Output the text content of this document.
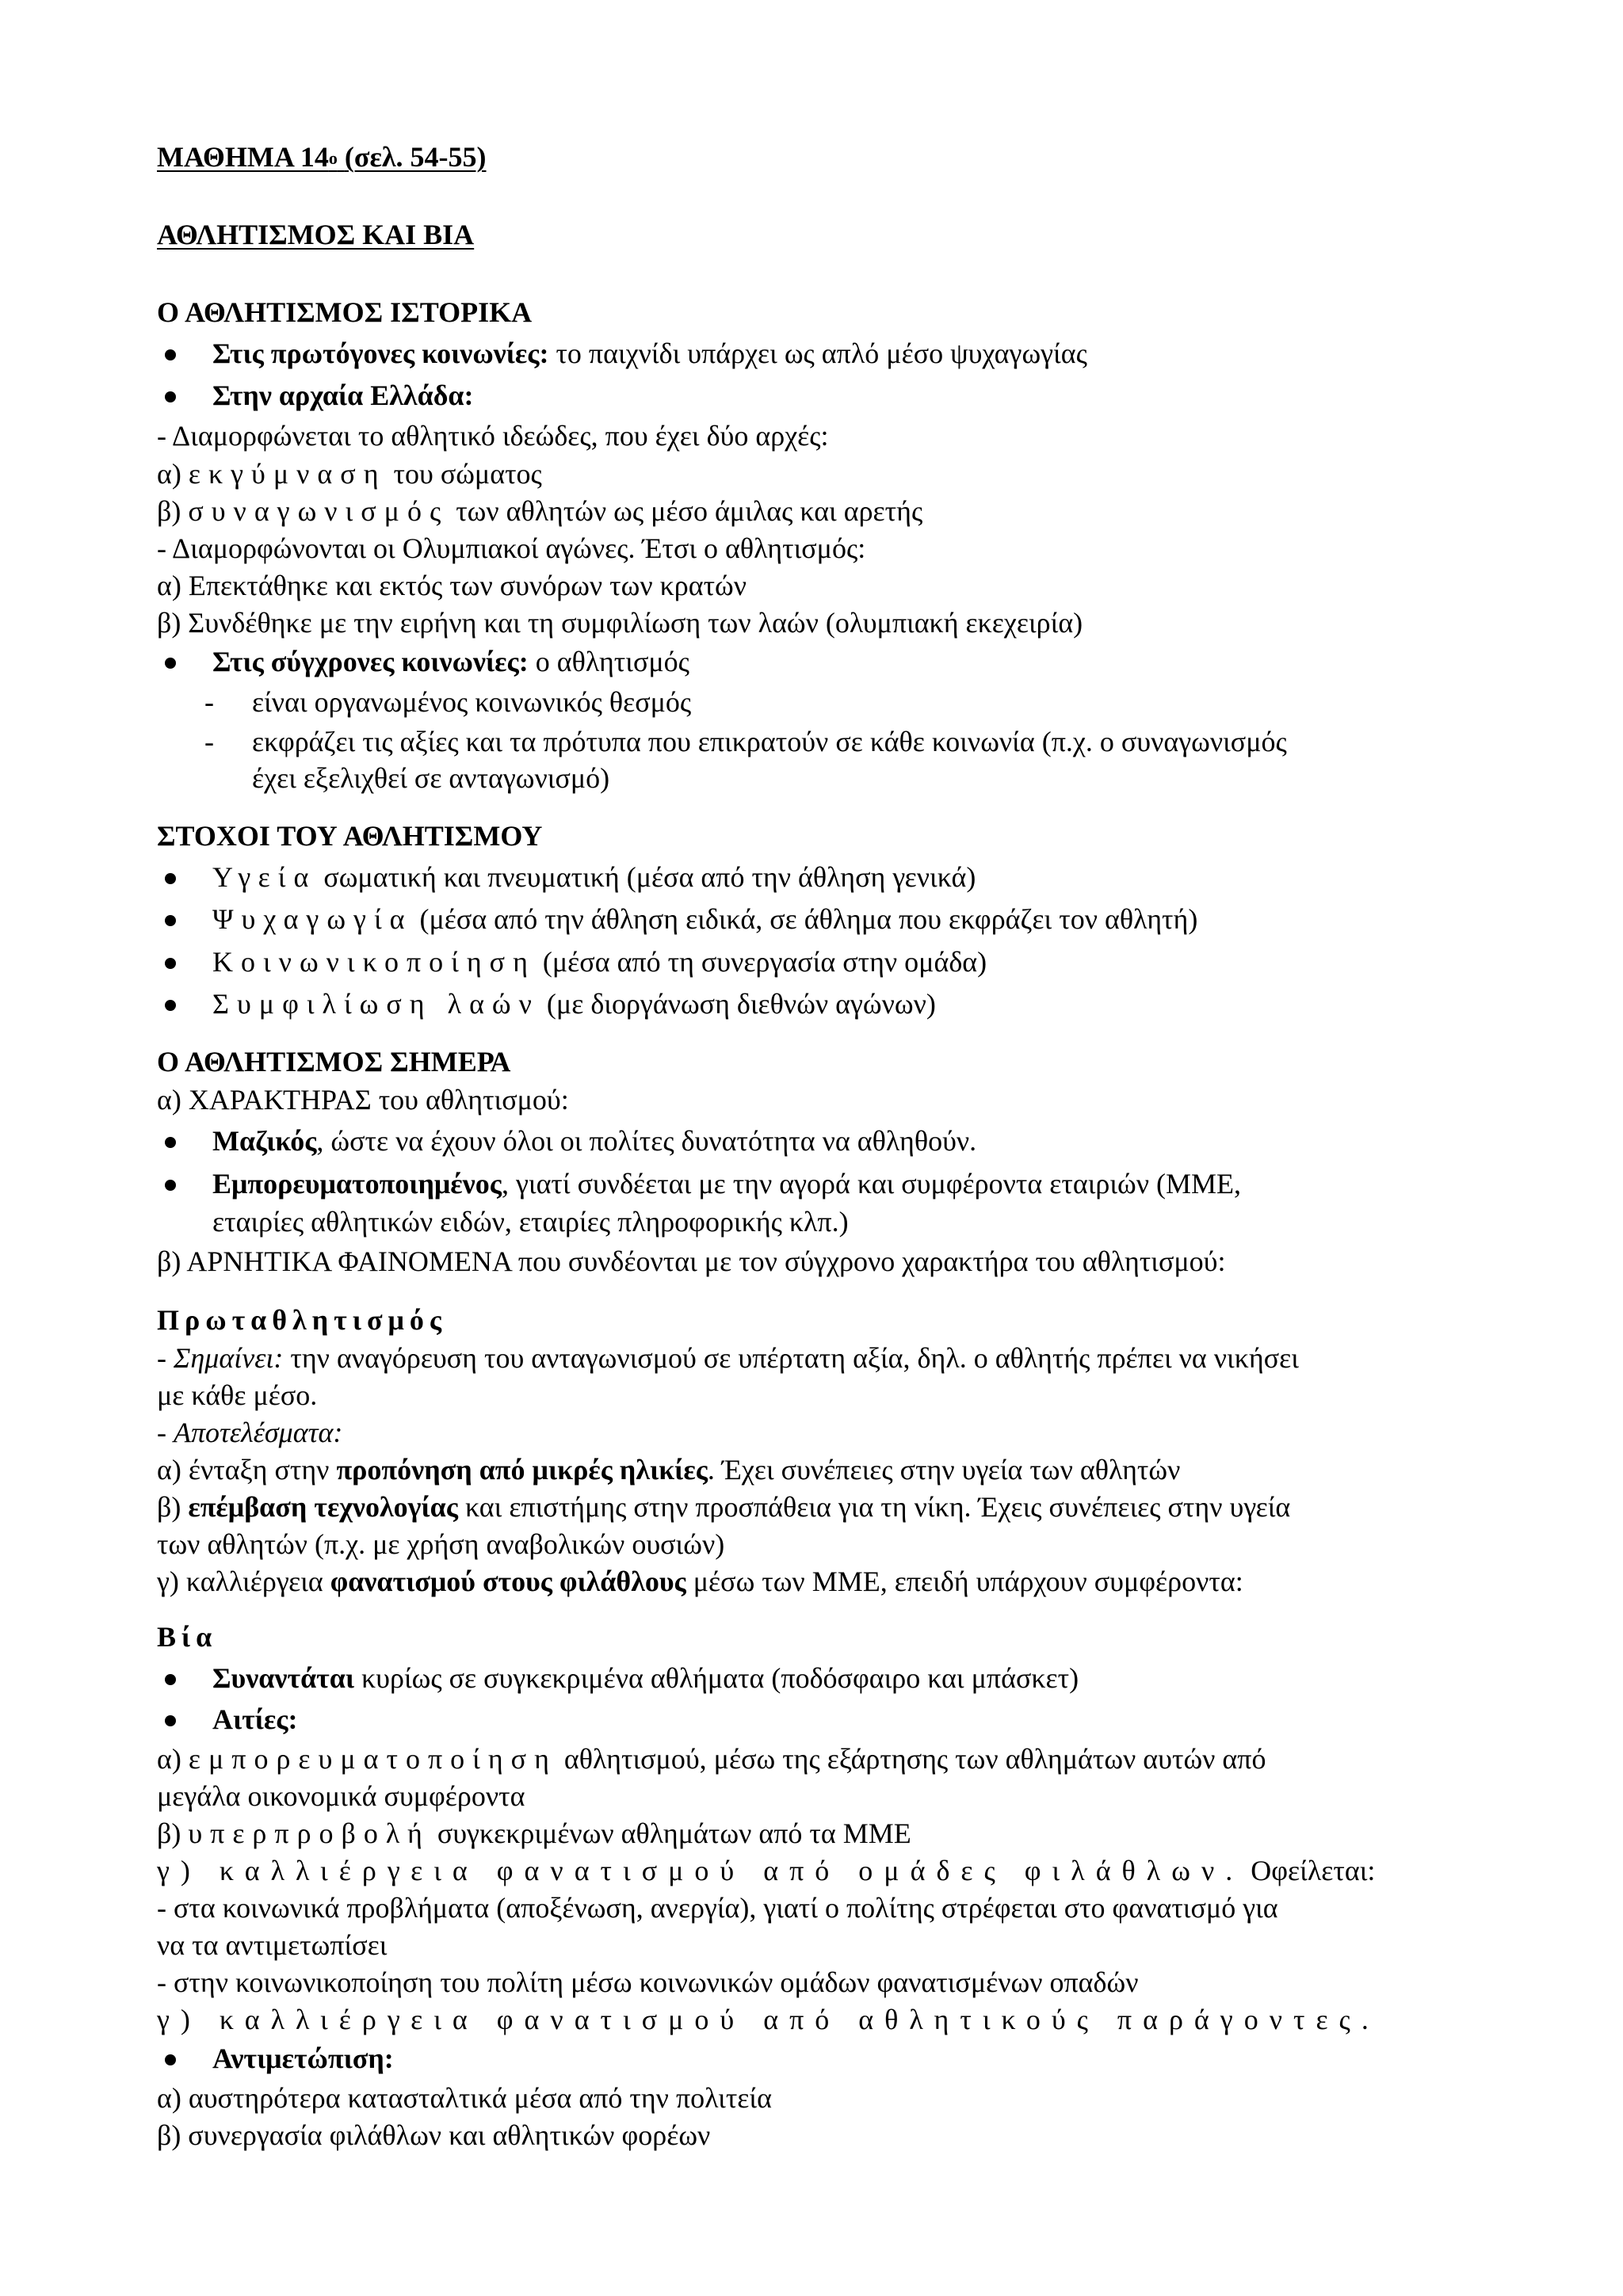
ΜΑΘΗΜΑ $14^o$ (σελ. 54-55)
ΑΘΛΗΤΙΣΜΟΣ ΚΑΙ ΒΙΑ
Ο ΑΘΛΗΤΙΣΜΟΣ ΙΣΤΟΡΙΚΑ
Στις πρωτόγονες κοινωνίες: το παιχνίδι υπάρχει ως απλό μέσο ψυχαγωγίας
Στην αρχαία Ελλάδα:
- Διαμορφώνεται το αθλητικό ιδεώδες, που έχει δύο αρχές:
α) εκγύμναση του σώματος
β) συναγωνισμός των αθλητών ως μέσο άμιλας και αρετής
- Διαμορφώνονται οι Ολυμπιακοί αγώνες. Έτσι ο αθλητισμός:
α) Επεκτάθηκε και εκτός των συνόρων των κρατών
β) Συνδέθηκε με την ειρήνη και τη συμφιλίωση των λαών (ολυμπιακή εκεχειρία)
Στις σύγχρονες κοινωνίες: ο αθλητισμός
- είναι οργανωμένος κοινωνικός θεσμός
- εκφράζει τις αξίες και τα πρότυπα που επικρατούν σε κάθε κοινωνία (π.χ. ο συναγωνισμός
έχει εξελιχθεί σε ανταγωνισμό)
ΣΤΟΧΟΙ ΤΟΥ ΑΘΛΗΤΙΣΜΟΥ
Υγεία σωματική και πνευματική (μέσα από την άθληση γενικά)
Ψυχαγωγία (μέσα από την άθληση ειδικά, σε άθλημα που εκφράζει τον αθλητή)
Κοινωνικοποίηση (μέσα από τη συνεργασία στην ομάδα)
Συμφιλίωση λαών (με διοργάνωση διεθνών αγώνων)
Ο ΑΘΛΗΤΙΣΜΟΣ ΣΗΜΕΡΑ
α) ΧΑΡΑΚΤΗΡΑΣ του αθλητισμού:
Μαζικός, ώστε να έχουν όλοι οι πολίτες δυνατότητα να αθληθούν.
Εμπορευματοποιημένος, γιατί συνδέεται με την αγορά και συμφέροντα εταιριών (ΜΜΕ,
εταιρίες αθλητικών ειδών, εταιρίες πληροφορικής κλπ.)
β) ΑΡΝΗΤΙΚΑ ΦΑΙΝΟΜΕΝΑ που συνδέονται με τον σύγχρονο χαρακτήρα του αθλητισμού:
Πρωταθλητισμός
- Σημαίνει: την αναγόρευση του ανταγωνισμού σε υπέρτατη αξία, δηλ. ο αθλητής πρέπει να νικήσει
με κάθε μέσο.
- Αποτελέσματα:
α) ένταξη στην προπόνηση από μικρές ηλικίες. Έχει συνέπειες στην υγεία των αθλητών
β) επέμβαση τεχνολογίας και επιστήμης στην προσπάθεια για τη νίκη. Έχεις συνέπειες στην υγεία
των αθλητών (π.χ. με χρήση αναβολικών ουσιών)
γ) καλλιέργεια φανατισμού στους φιλάθλους μέσω των ΜΜΕ, επειδή υπάρχουν συμφέροντα:
Βία
Συναντάται κυρίως σε συγκεκριμένα αθλήματα (ποδόσφαιρο και μπάσκετ)
Αιτίες:
α) εμπορευματοποίηση αθλητισμού, μέσω της εξάρτησης των αθλημάτων αυτών από
μεγάλα οικονομικά συμφέροντα
β) υπερπροβολή συγκεκριμένων αθλημάτων από τα ΜΜΕ
γ) καλλιέργεια φανατισμού από ομάδες φιλάθλων. Οφείλεται:
- στα κοινωνικά προβλήματα (αποξένωση, ανεργία), γιατί ο πολίτης στρέφεται στο φανατισμό για
να τα αντιμετωπίσει
- στην κοινωνικοποίηση του πολίτη μέσω κοινωνικών ομάδων φανατισμένων οπαδών
γ) καλλιέργεια φανατισμού από αθλητικούς παράγοντες.
Αντιμετώπιση:
α) αυστηρότερα κατασταλτικά μέσα από την πολιτεία
β) συνεργασία φιλάθλων και αθλητικών φορέων
